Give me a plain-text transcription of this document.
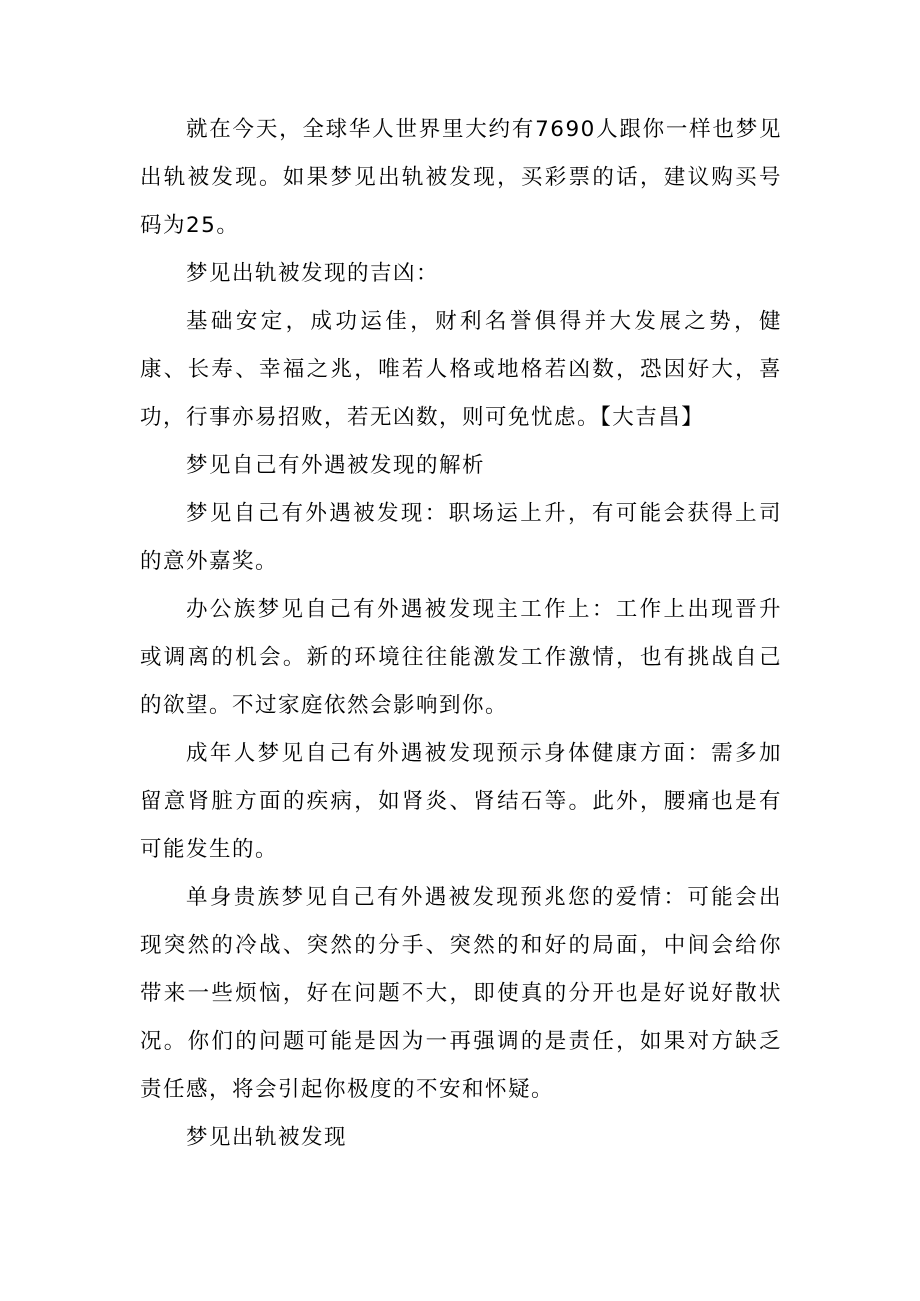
就在今天，全球华人世界里大约有7690人跟你一样也梦见出轨被发现。如果梦见出轨被发现，买彩票的话，建议购买号码为25。

梦见出轨被发现的吉凶：

基础安定，成功运佳，财利名誉俱得并大发展之势，健康、长寿、幸福之兆，唯若人格或地格若凶数，恐因好大，喜功，行事亦易招败，若无凶数，则可免忧虑。【大吉昌】

梦见自己有外遇被发现的解析

梦见自己有外遇被发现：职场运上升，有可能会获得上司的意外嘉奖。

办公族梦见自己有外遇被发现主工作上：工作上出现晋升或调离的机会。新的环境往往能激发工作激情，也有挑战自己的欲望。不过家庭依然会影响到你。

成年人梦见自己有外遇被发现预示身体健康方面：需多加留意肾脏方面的疾病，如肾炎、肾结石等。此外，腰痛也是有可能发生的。

单身贵族梦见自己有外遇被发现预兆您的爱情：可能会出现突然的冷战、突然的分手、突然的和好的局面，中间会给你带来一些烦恼，好在问题不大，即使真的分开也是好说好散状况。你们的问题可能是因为一再强调的是责任，如果对方缺乏责任感，将会引起你极度的不安和怀疑。

梦见出轨被发现
